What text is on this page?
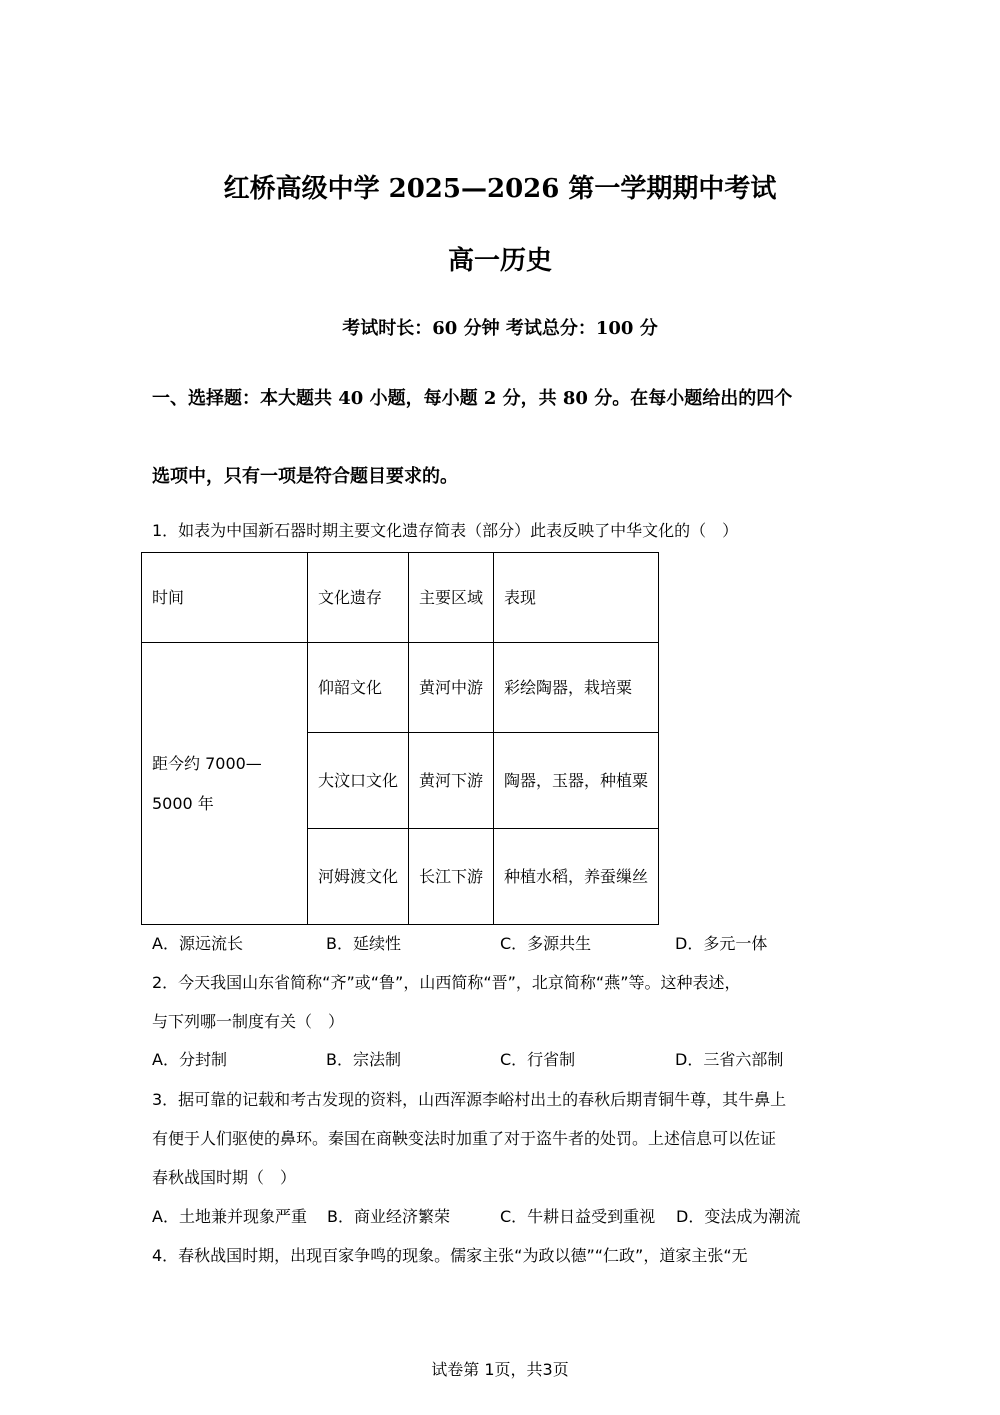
红桥高级中学 2025—2026 第一学期期中考试
高一历史
考试时长：60 分钟 考试总分：100 分
一、选择题：本大题共 40 小题，每小题 2 分，共 80 分。在每小题给出的四个
选项中，只有一项是符合题目要求的。
1．如表为中国新石器时期主要文化遗存简表（部分）此表反映了中华文化的（　）
时间	文化遗存	主要区域	表现
距今约 7000—5000 年	仰韶文化	黄河中游	彩绘陶器，栽培粟
	大汶口文化	黄河下游	陶器，玉器，种植粟
	河姆渡文化	长江下游	种植水稻，养蚕缫丝
A．源远流长	B．延续性	C．多源共生	D．多元一体
2．今天我国山东省简称“齐”或“鲁”，山西简称“晋”，北京简称“燕”等。这种表述，
与下列哪一制度有关（　）
A．分封制	B．宗法制	C．行省制	D．三省六部制
3．据可靠的记载和考古发现的资料，山西浑源李峪村出土的春秋后期青铜牛尊，其牛鼻上
有便于人们驱使的鼻环。秦国在商鞅变法时加重了对于盗牛者的处罚。上述信息可以佐证
春秋战国时期（　）
A．土地兼并现象严重 B．商业经济繁荣	C．牛耕日益受到重视 D．变法成为潮流
4．春秋战国时期，出现百家争鸣的现象。儒家主张“为政以德”“仁政”，道家主张“无
试卷第 1页，共3页
